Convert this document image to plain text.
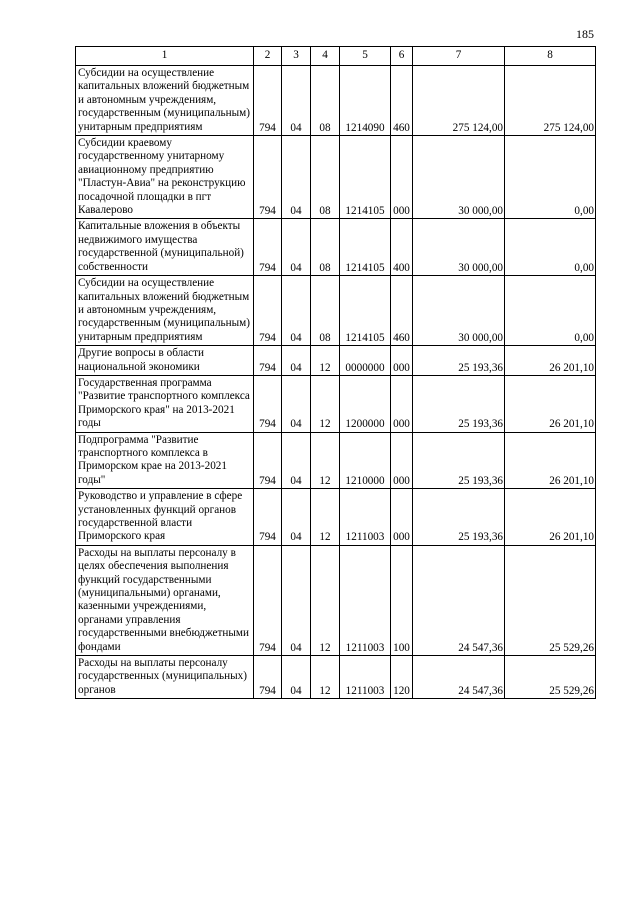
185
1	2	3	4	5	6	7	8
Субсидии на осуществление капитальных вложений бюджетным и автономным учреждениям, государственным (муниципальным) унитарным предприятиям	794	04	08	1214090	460	275 124,00	275 124,00
Субсидии краевому государственному унитарному авиационному предприятию "Пластун-Авиа" на реконструкцию посадочной площадки в пгт Кавалерово	794	04	08	1214105	000	30 000,00	0,00
Капитальные вложения в объекты недвижимого имущества государственной (муниципальной) собственности	794	04	08	1214105	400	30 000,00	0,00
Субсидии на осуществление капитальных вложений бюджетным и автономным учреждениям, государственным (муниципальным) унитарным предприятиям	794	04	08	1214105	460	30 000,00	0,00
Другие вопросы в области национальной экономики	794	04	12	0000000	000	25 193,36	26 201,10
Государственная программа "Развитие транспортного комплекса Приморского края" на 2013-2021 годы	794	04	12	1200000	000	25 193,36	26 201,10
Подпрограмма "Развитие транспортного комплекса в Приморском крае на 2013-2021 годы"	794	04	12	1210000	000	25 193,36	26 201,10
Руководство и управление в сфере установленных функций органов государственной власти Приморского края	794	04	12	1211003	000	25 193,36	26 201,10
Расходы на выплаты персоналу в целях обеспечения выполнения функций государственными (муниципальными) органами, казенными учреждениями, органами управления государственными внебюджетными фондами	794	04	12	1211003	100	24 547,36	25 529,26
Расходы на выплаты персоналу государственных (муниципальных) органов	794	04	12	1211003	120	24 547,36	25 529,26
